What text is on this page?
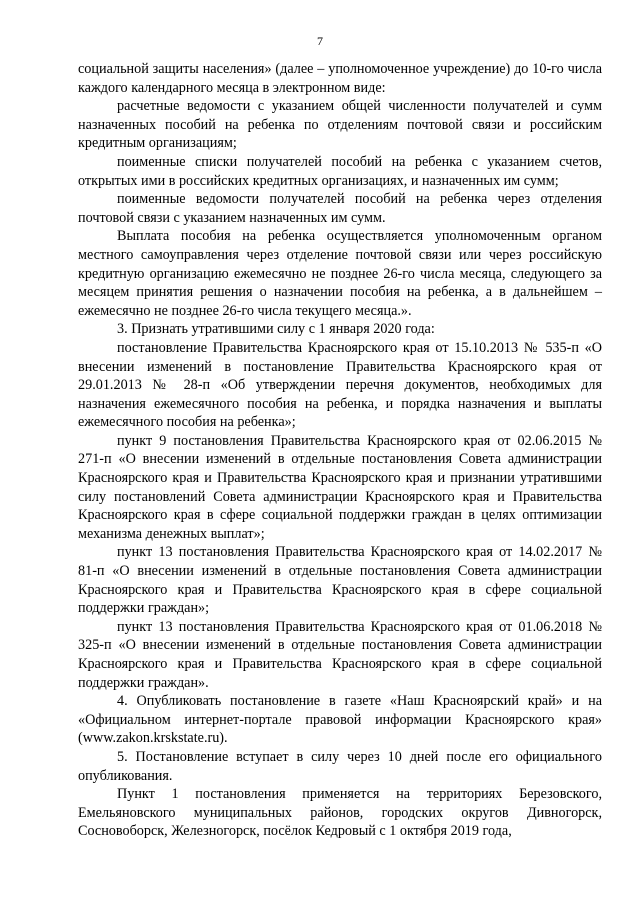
7

социальной защиты населения» (далее – уполномоченное учреждение) до 10-го числа каждого календарного месяца в электронном виде:

расчетные ведомости с указанием общей численности получателей и сумм назначенных пособий на ребенка по отделениям почтовой связи и российским кредитным организациям;

поименные списки получателей пособий на ребенка с указанием счетов, открытых ими в российских кредитных организациях, и назначенных им сумм;

поименные ведомости получателей пособий на ребенка через отделения почтовой связи с указанием назначенных им сумм.

Выплата пособия на ребенка осуществляется уполномоченным органом местного самоуправления через отделение почтовой связи или через российскую кредитную организацию ежемесячно не позднее 26-го числа месяца, следующего за месяцем принятия решения о назначении пособия на ребенка, а в дальнейшем – ежемесячно не позднее 26-го числа текущего месяца.».

3. Признать утратившими силу с 1 января 2020 года:

постановление Правительства Красноярского края от 15.10.2013 № 535-п «О внесении изменений в постановление Правительства Красноярского края от 29.01.2013 № 28-п «Об утверждении перечня документов, необходимых для назначения ежемесячного пособия на ребенка, и порядка назначения и выплаты ежемесячного пособия на ребенка»;

пункт 9 постановления Правительства Красноярского края от 02.06.2015 № 271-п «О внесении изменений в отдельные постановления Совета администрации Красноярского края и Правительства Красноярского края и признании утратившими силу постановлений Совета администрации Красноярского края и Правительства Красноярского края в сфере социальной поддержки граждан в целях оптимизации механизма денежных выплат»;

пункт 13 постановления Правительства Красноярского края от 14.02.2017 № 81-п «О внесении изменений в отдельные постановления Совета администрации Красноярского края и Правительства Красноярского края в сфере социальной поддержки граждан»;

пункт 13 постановления Правительства Красноярского края от 01.06.2018 № 325-п «О внесении изменений в отдельные постановления Совета администрации Красноярского края и Правительства Красноярского края в сфере социальной поддержки граждан».

4. Опубликовать постановление в газете «Наш Красноярский край» и на «Официальном интернет-портале правовой информации Красноярского края» (www.zakon.krskstate.ru).

5. Постановление вступает в силу через 10 дней после его официального опубликования.

Пункт 1 постановления применяется на территориях Березовского, Емельяновского муниципальных районов, городских округов Дивногорск, Сосновоборск, Железногорск, посёлок Кедровый с 1 октября 2019 года,
